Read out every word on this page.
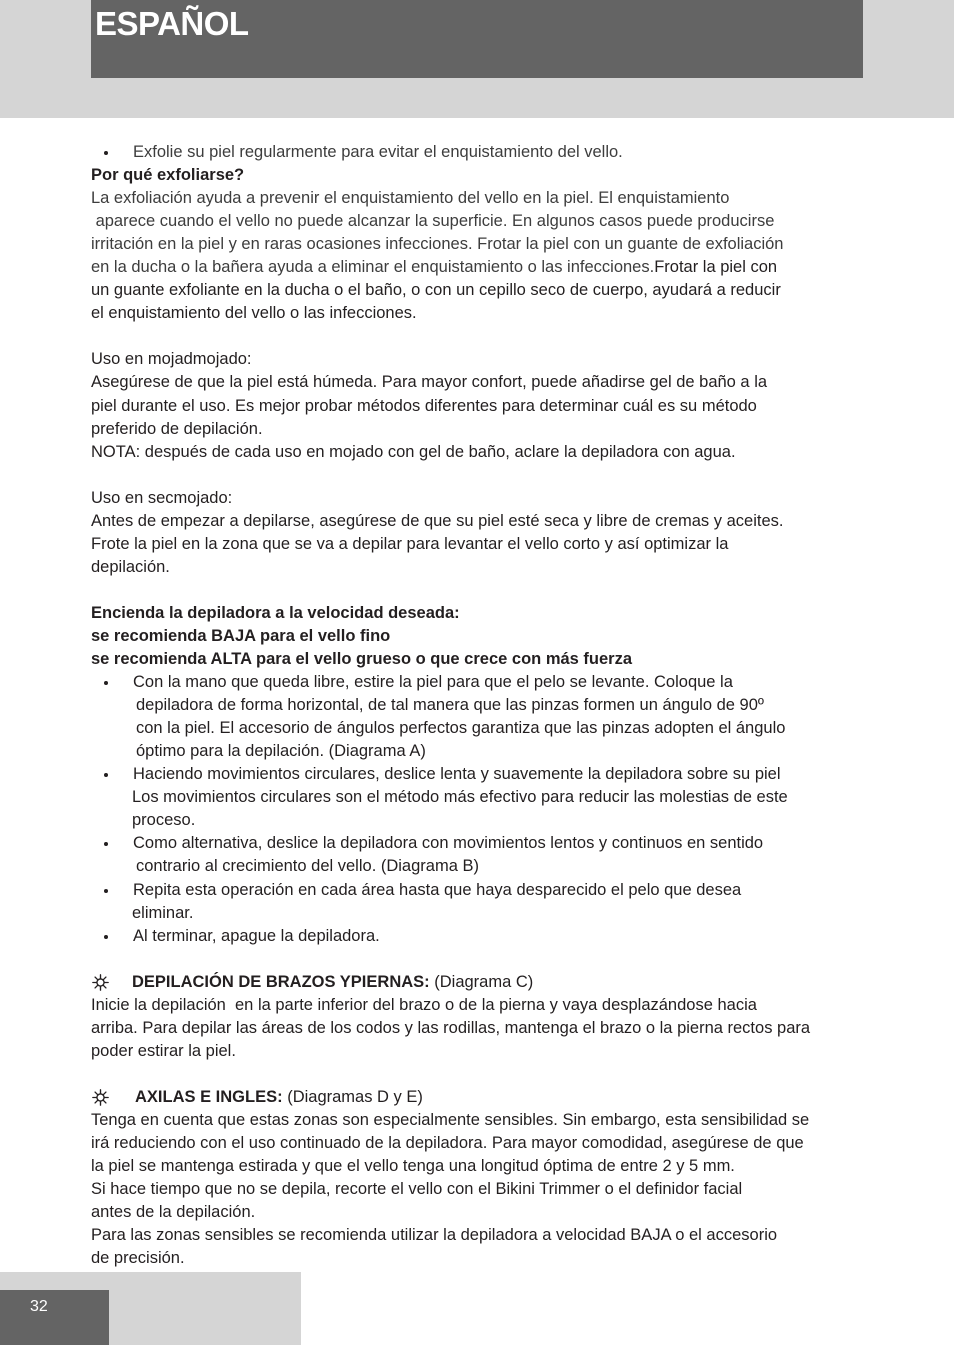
ESPAÑOL

Exfolie su piel regularmente para evitar el enquistamiento del vello.

Por qué exfoliarse?
La exfoliación ayuda a prevenir el enquistamiento del vello en la piel. El enquistamiento
aparece cuando el vello no puede alcanzar la superficie. En algunos casos puede producirse
irritación en la piel y en raras ocasiones infecciones. Frotar la piel con un guante de exfoliación
en la ducha o la bañera ayuda a eliminar el enquistamiento o las infecciones.Frotar la piel con
un guante exfoliante en la ducha o el baño, o con un cepillo seco de cuerpo, ayudará a reducir
el enquistamiento del vello o las infecciones.
Uso en mojadmojado:
Asegúrese de que la piel está húmeda. Para mayor confort, puede añadirse gel de baño a la
piel durante el uso. Es mejor probar métodos diferentes para determinar cuál es su método
preferido de depilación.
NOTA: después de cada uso en mojado con gel de baño, aclare la depiladora con agua.
Uso en secmojado:
Antes de empezar a depilarse, asegúrese de que su piel esté seca y libre de cremas y aceites.
Frote la piel en la zona que se va a depilar para levantar el vello corto y así optimizar la
depilación.
Encienda la depiladora a la velocidad deseada:
se recomienda BAJA para el vello fino
se recomienda ALTA para el vello grueso o que crece con más fuerza

Con la mano que queda libre, estire la piel para que el pelo se levante. Coloque la

depiladora de forma horizontal, de tal manera que las pinzas formen un ángulo de 90º
con la piel. El accesorio de ángulos perfectos garantiza que las pinzas adopten el ángulo
óptimo para la depilación. (Diagrama A)

Haciendo movimientos circulares, deslice lenta y suavemente la depiladora sobre su piel

Los movimientos circulares son el método más efectivo para reducir las molestias de este
proceso.

Como alternativa, deslice la depiladora con movimientos lentos y continuos en sentido

contrario al crecimiento del vello. (Diagrama B)

Repita esta operación en cada área hasta que haya desparecido el pelo que desea

eliminar.

Al terminar, apague la depiladora.

DEPILACIÓN DE BRAZOS YPIERNAS: (Diagrama C)

Inicie la depilación  en la parte inferior del brazo o de la pierna y vaya desplazándose hacia
arriba. Para depilar las áreas de los codos y las rodillas, mantenga el brazo o la pierna rectos para
poder estirar la piel.

AXILAS E INGLES: (Diagramas D y E)

Tenga en cuenta que estas zonas son especialmente sensibles. Sin embargo, esta sensibilidad se
irá reduciendo con el uso continuado de la depiladora. Para mayor comodidad, asegúrese de que
la piel se mantenga estirada y que el vello tenga una longitud óptima de entre 2 y 5 mm.
Si hace tiempo que no se depila, recorte el vello con el Bikini Trimmer o el definidor facial
antes de la depilación.
Para las zonas sensibles se recomienda utilizar la depiladora a velocidad BAJA o el accesorio
de precisión.
32
